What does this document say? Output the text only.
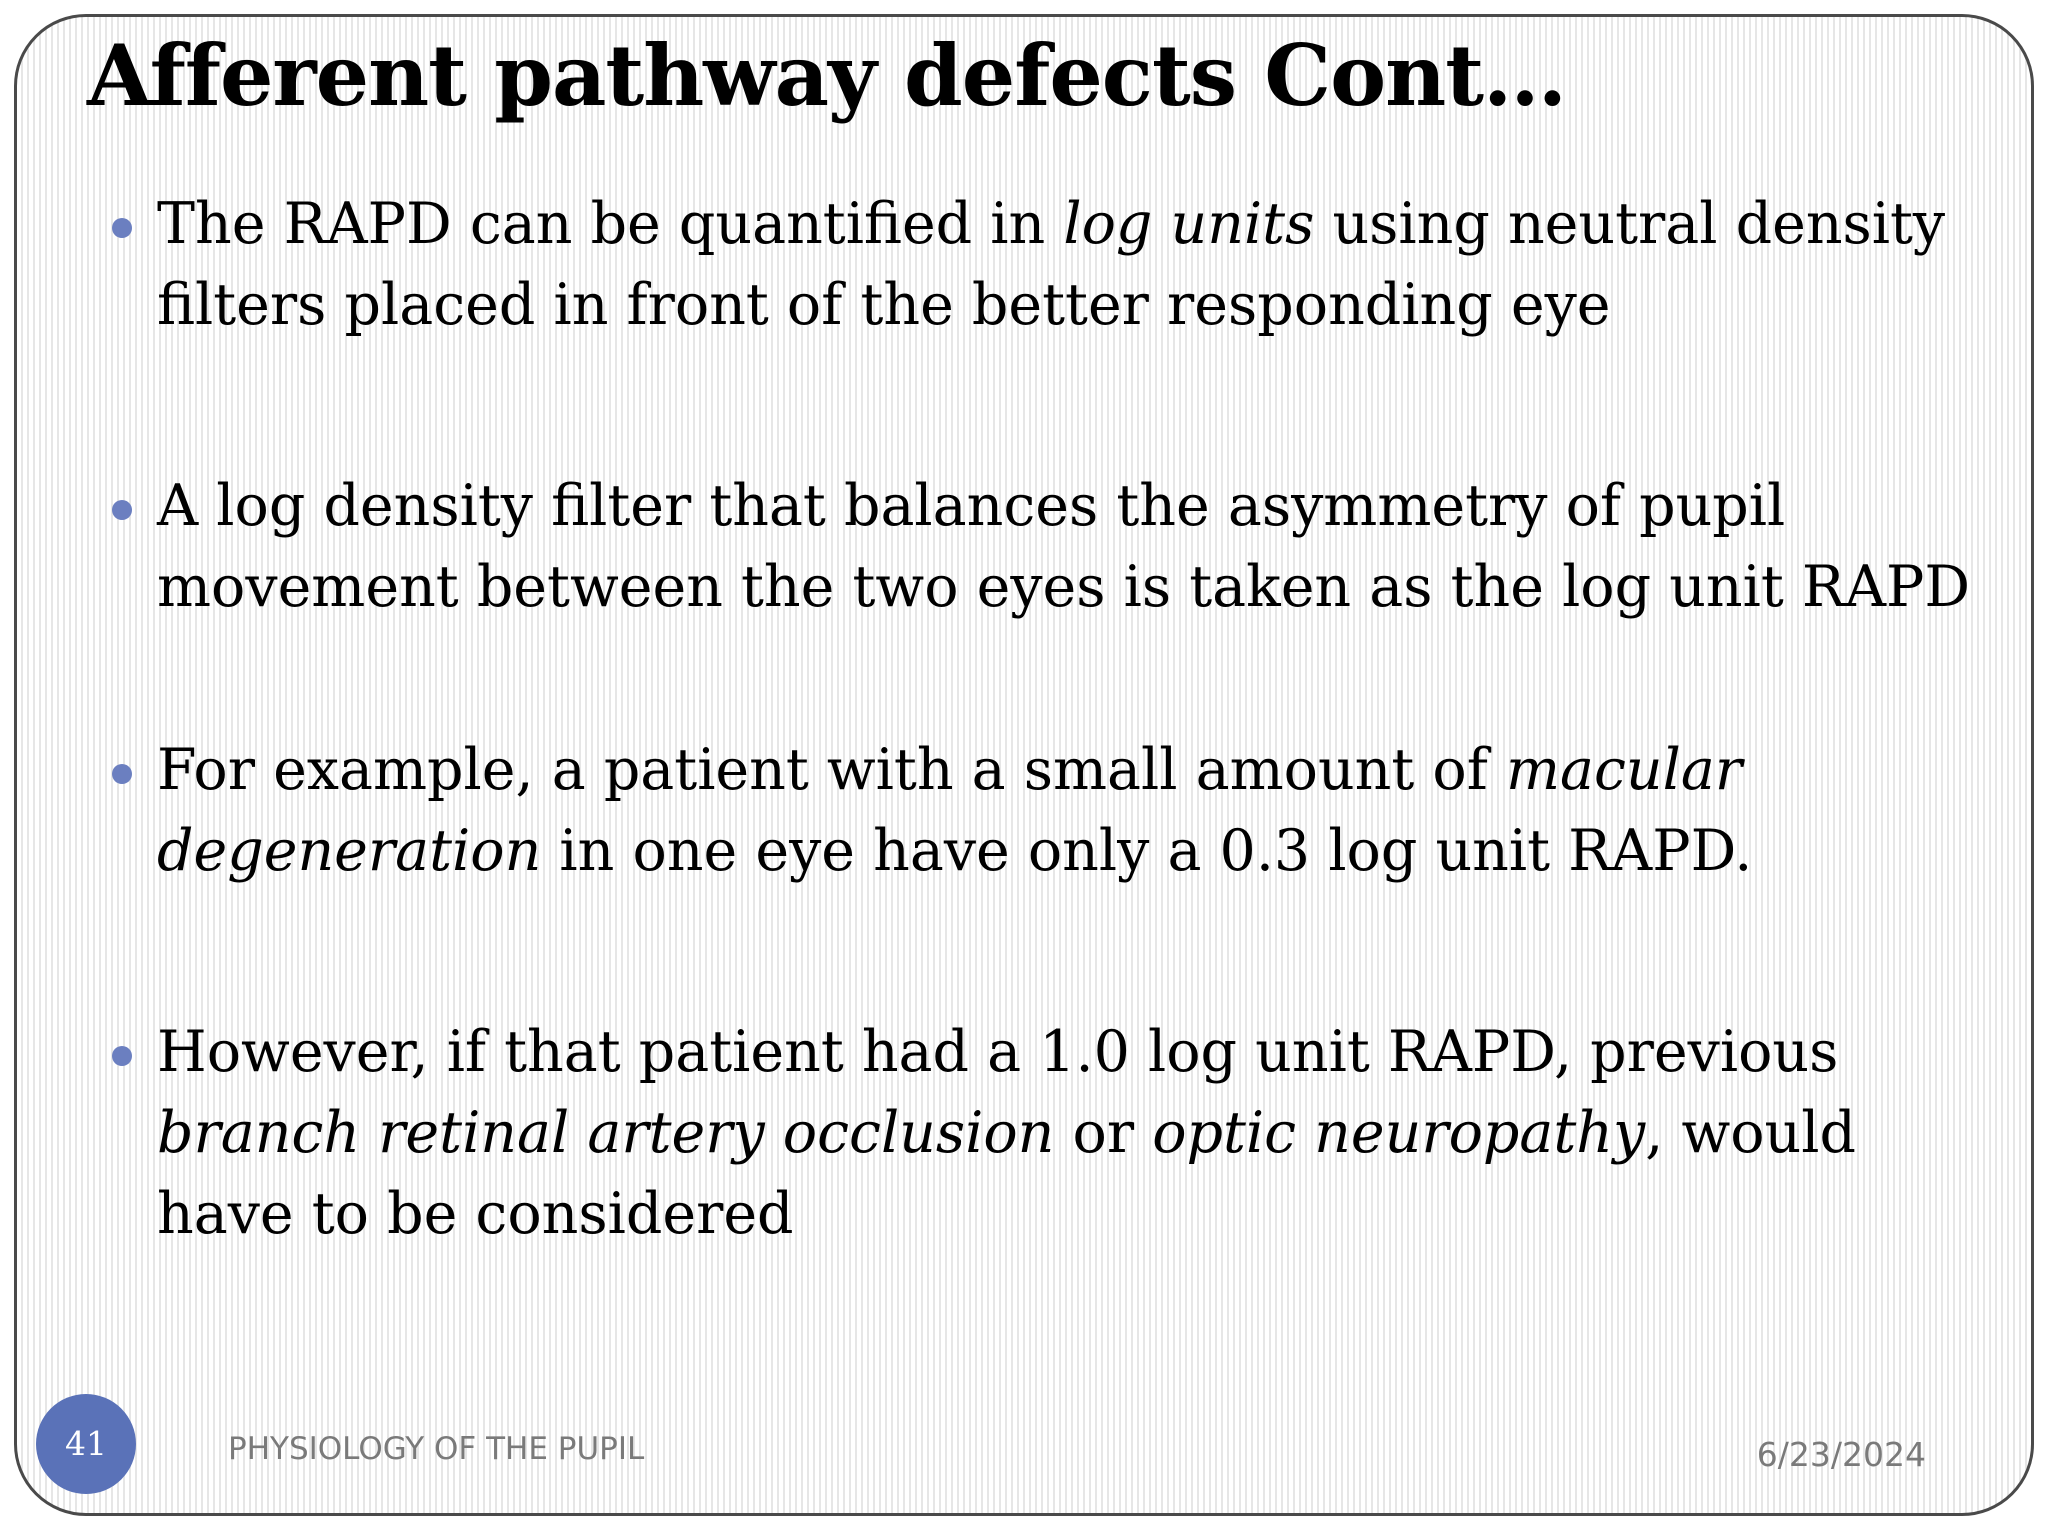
Afferent pathway defects Cont…
The RAPD can be quantified in log units using neutral density filters placed in front of the better responding eye
A log density filter that balances the asymmetry of pupil movement between the two eyes is taken as the log unit RAPD
For example, a patient with a small amount of macular degeneration in one eye have only a 0.3 log unit RAPD.
However, if that patient had a 1.0 log unit RAPD, previous branch retinal artery occlusion or optic neuropathy, would have to be considered
41	PHYSIOLOGY OF THE PUPIL	6/23/2024
